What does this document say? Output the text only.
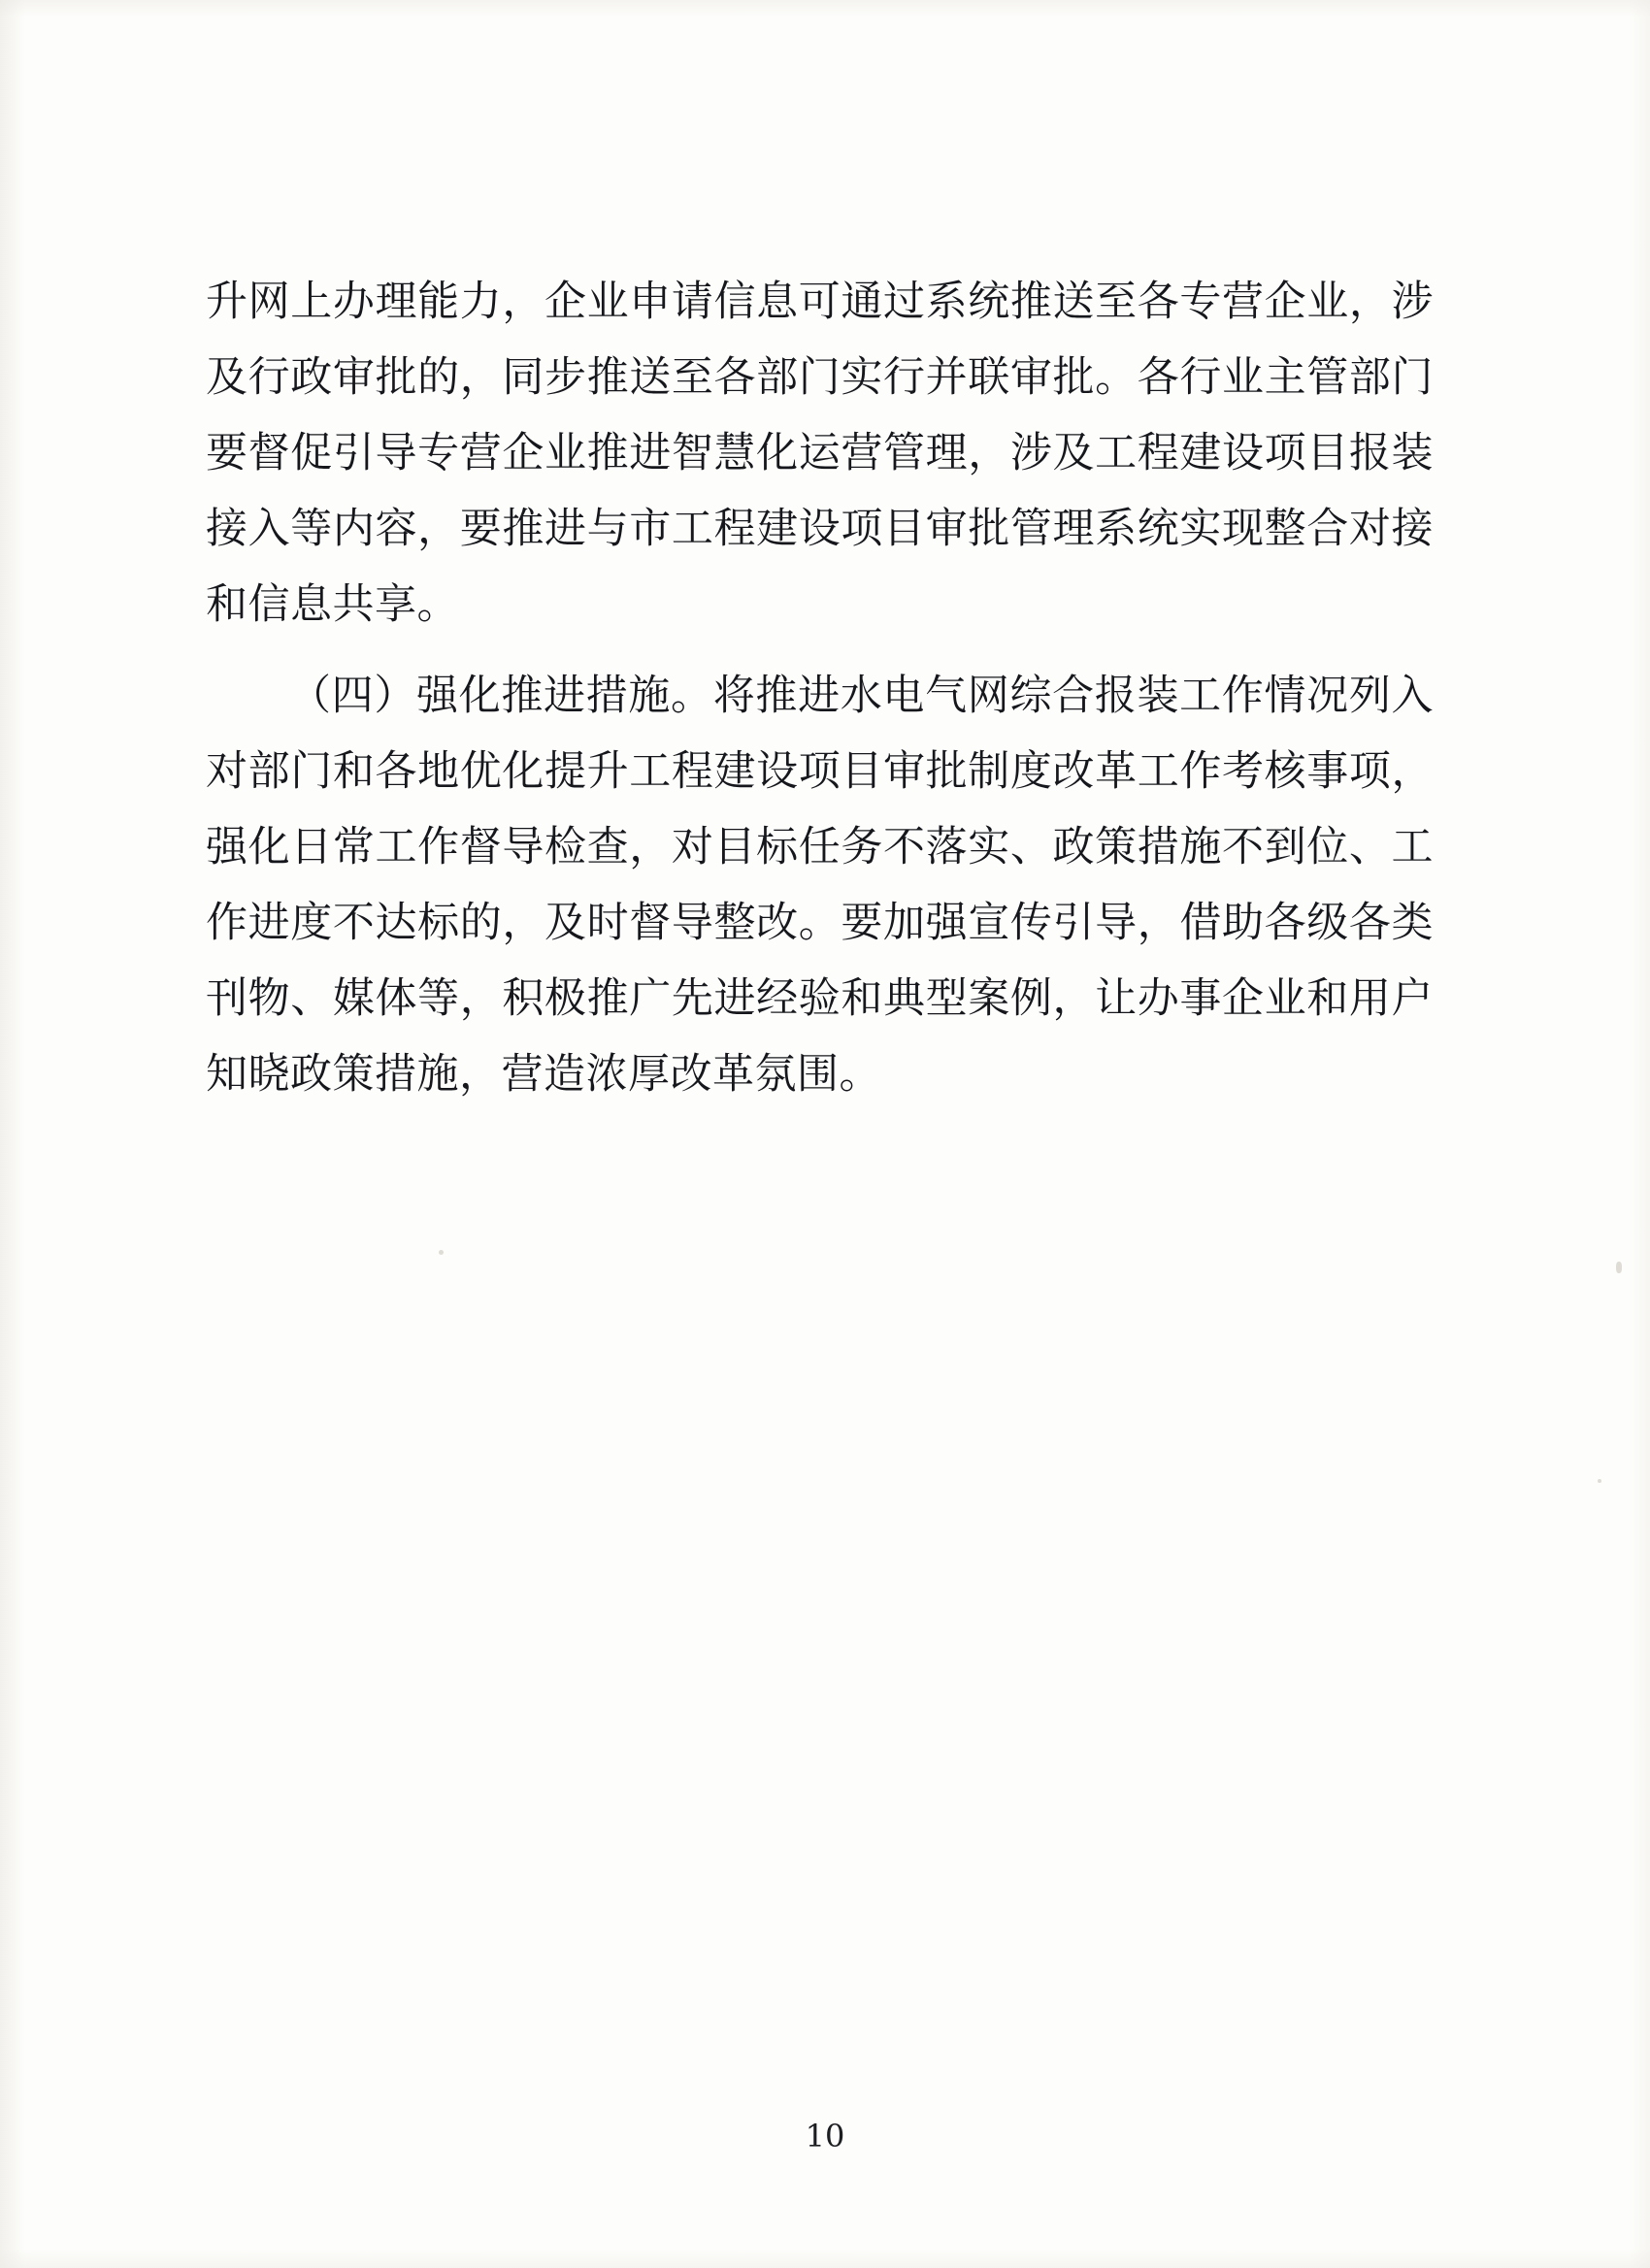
升网上办理能力，企业申请信息可通过系统推送至各专营企业，涉及行政审批的，同步推送至各部门实行并联审批。各行业主管部门要督促引导专营企业推进智慧化运营管理，涉及工程建设项目报装接入等内容，要推进与市工程建设项目审批管理系统实现整合对接和信息共享。

（四）强化推进措施。将推进水电气网综合报装工作情况列入对部门和各地优化提升工程建设项目审批制度改革工作考核事项，强化日常工作督导检查，对目标任务不落实、政策措施不到位、工作进度不达标的，及时督导整改。要加强宣传引导，借助各级各类刊物、媒体等，积极推广先进经验和典型案例，让办事企业和用户知晓政策措施，营造浓厚改革氛围。

10
